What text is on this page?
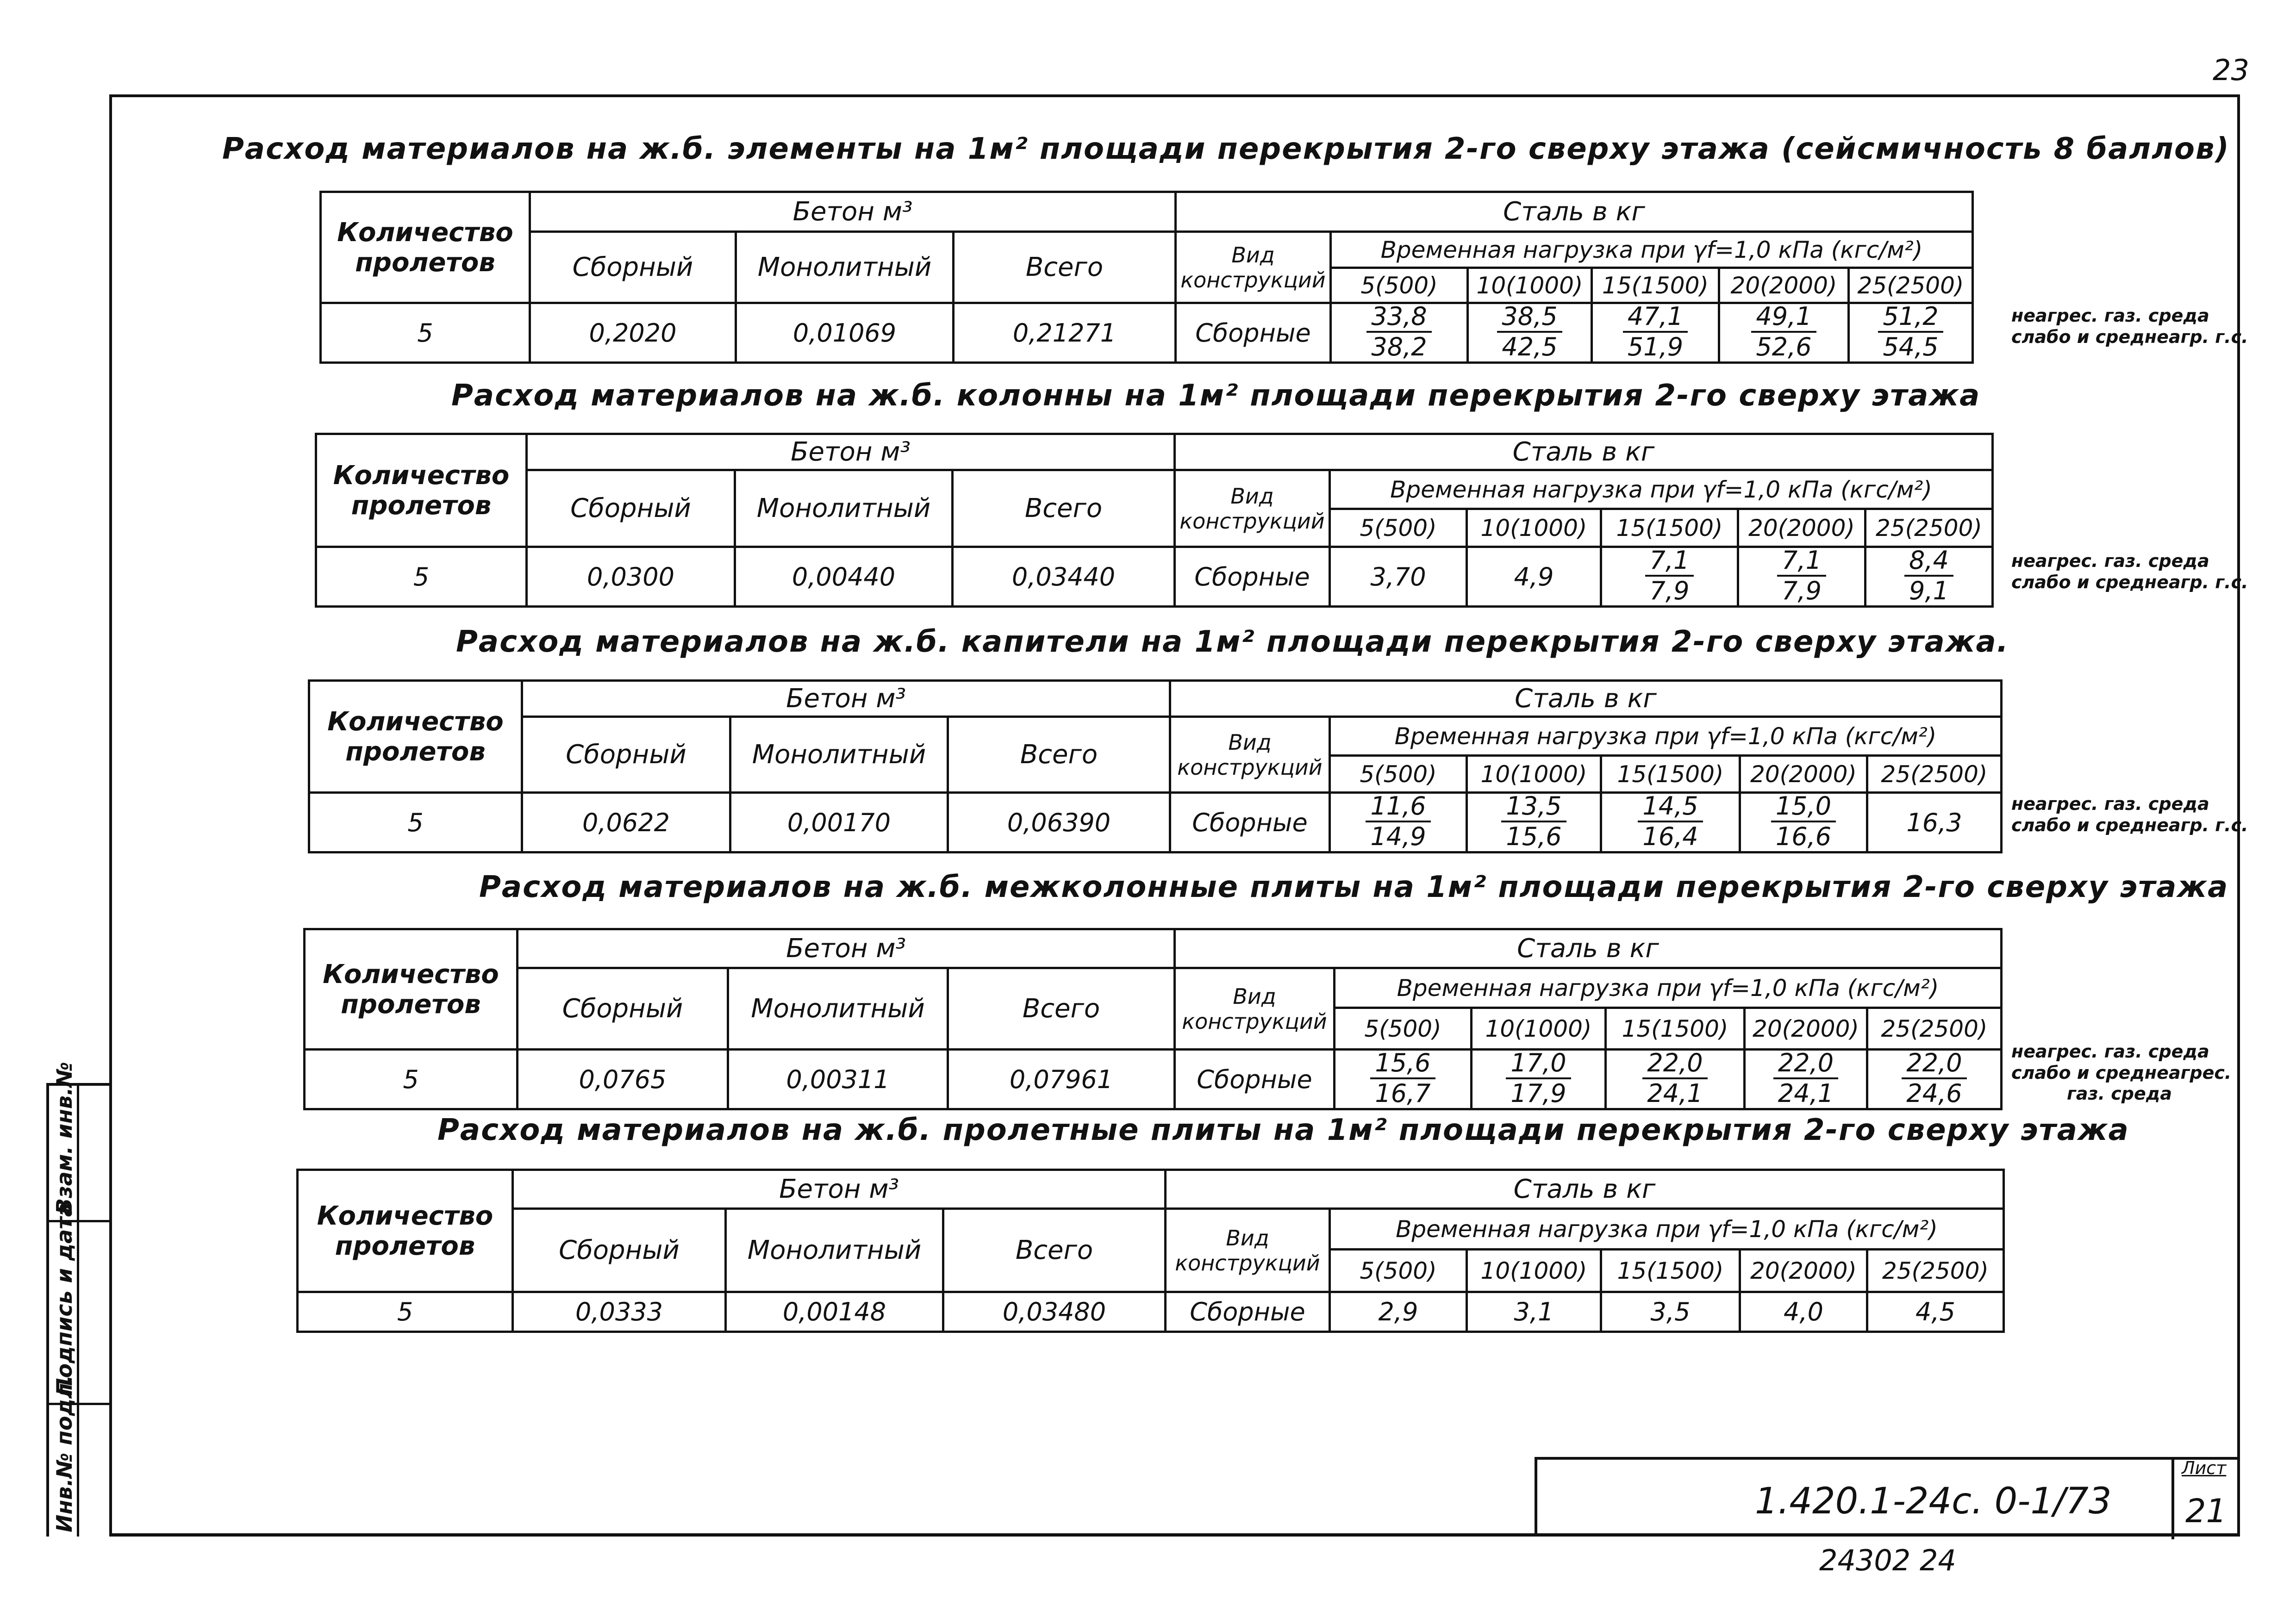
23
Расход материалов на ж.б. элементы на 1м² площади перекрытия 2-го сверху этажа (сейсмичность 8 баллов)
Количество пролетов	Бетон м³			Сталь в кг					
	Сборный	Монолитный	Всего	Вид конструкций	Временная нагрузка при γf=1,0 кПа (кгс/м²)				
					5(500)	10(1000)	15(1500)	20(2000)	25(2500)
5	0,2020	0,01069	0,21271	Сборные	$\frac{33,8}{38,2}$	$\frac{38,5}{42,5}$	$\frac{47,1}{51,9}$	$\frac{49,1}{52,6}$	$\frac{51,2}{54,5}$	неагрес. газ. среда
слабо и среднеагр. г.с.
Расход материалов на ж.б. колонны на 1м² площади перекрытия 2-го сверху этажа
Количество пролетов	Бетон м³			Сталь в кг					
	Сборный	Монолитный	Всего	Вид конструкций	Временная нагрузка при γf=1,0 кПа (кгс/м²)				
					5(500)	10(1000)	15(1500)	20(2000)	25(2500)
5	0,0300	0,00440	0,03440	Сборные	3,70	4,9	$\frac{7,1}{7,9}$	$\frac{7,1}{7,9}$	$\frac{8,4}{9,1}$	неагрес. газ. среда
слабо и среднеагр. г.с.
Расход материалов на ж.б. капители на 1м² площади перекрытия 2-го сверху этажа.
Количество пролетов	Бетон м³			Сталь в кг					
	Сборный	Монолитный	Всего	Вид конструкций	Временная нагрузка при γf=1,0 кПа (кгс/м²)				
					5(500)	10(1000)	15(1500)	20(2000)	25(2500)
5	0,0622	0,00170	0,06390	Сборные	$\frac{11,6}{14,9}$	$\frac{13,5}{15,6}$	$\frac{14,5}{16,4}$	$\frac{15,0}{16,6}$	16,3
неагрес. газ. среда
слабо и среднеагр. г.с.
Расход материалов на ж.б. межколонные плиты на 1м² площади перекрытия 2-го сверху этажа
Количество пролетов	Бетон м³			Сталь в кг					
	Сборный	Монолитный	Всего	Вид конструкций	Временная нагрузка при γf=1,0 кПа (кгс/м²)				
					5(500)	10(1000)	15(1500)	20(2000)	25(2500)
5	0,0765	0,00311	0,07961	Сборные	$\frac{15,6}{16,7}$	$\frac{17,0}{17,9}$	$\frac{22,0}{24,1}$	$\frac{22,0}{24,1}$	$\frac{22,0}{24,6}$	неагрес. газ. среда
слабо и среднеагрес.
газ. среда
Расход материалов на ж.б. пролетные плиты на 1м² площади перекрытия 2-го сверху этажа
Количество пролетов	Бетон м³			Сталь в кг					
	Сборный	Монолитный	Всего	Вид конструкций	Временная нагрузка при γf=1,0 кПа (кгс/м²)				
					5(500)	10(1000)	15(1500)	20(2000)	25(2500)
5	0,0333	0,00148	0,03480	Сборные	2,9	3,1	3,5	4,0	4,5
Инв.№ подл.
Подпись и дата
Взам. инв.№
1.420.1-24с. 0-1/73
Лист
21
24302 24
